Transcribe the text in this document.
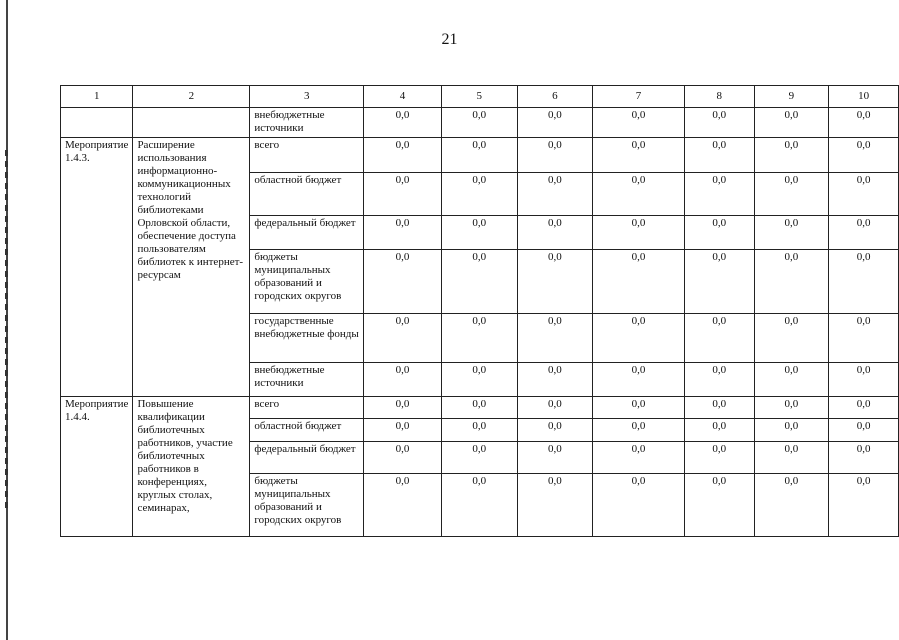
21
1	2	3	4	5	6	7	8	9	10
		внебюджетные источники	0,0	0,0	0,0	0,0	0,0	0,0	0,0
Мероприятие 1.4.3.	Расширение использования информационно-коммуникационных технологий библиотеками Орловской области, обеспечение доступа пользователям библиотек к интернет-ресурсам	всего	0,0	0,0	0,0	0,0	0,0	0,0	0,0
		областной бюджет	0,0	0,0	0,0	0,0	0,0	0,0	0,0
		федеральный бюджет	0,0	0,0	0,0	0,0	0,0	0,0	0,0
		бюджеты муниципальных образований и городских округов	0,0	0,0	0,0	0,0	0,0	0,0	0,0
		государственные внебюджетные фонды	0,0	0,0	0,0	0,0	0,0	0,0	0,0
		внебюджетные источники	0,0	0,0	0,0	0,0	0,0	0,0	0,0
Мероприятие 1.4.4.	Повышение квалификации библиотечных работников, участие библиотечных работников в конференциях, круглых столах, семинарах,	всего	0,0	0,0	0,0	0,0	0,0	0,0	0,0
		областной бюджет	0,0	0,0	0,0	0,0	0,0	0,0	0,0
		федеральный бюджет	0,0	0,0	0,0	0,0	0,0	0,0	0,0
		бюджеты муниципальных образований и городских округов	0,0	0,0	0,0	0,0	0,0	0,0	0,0
